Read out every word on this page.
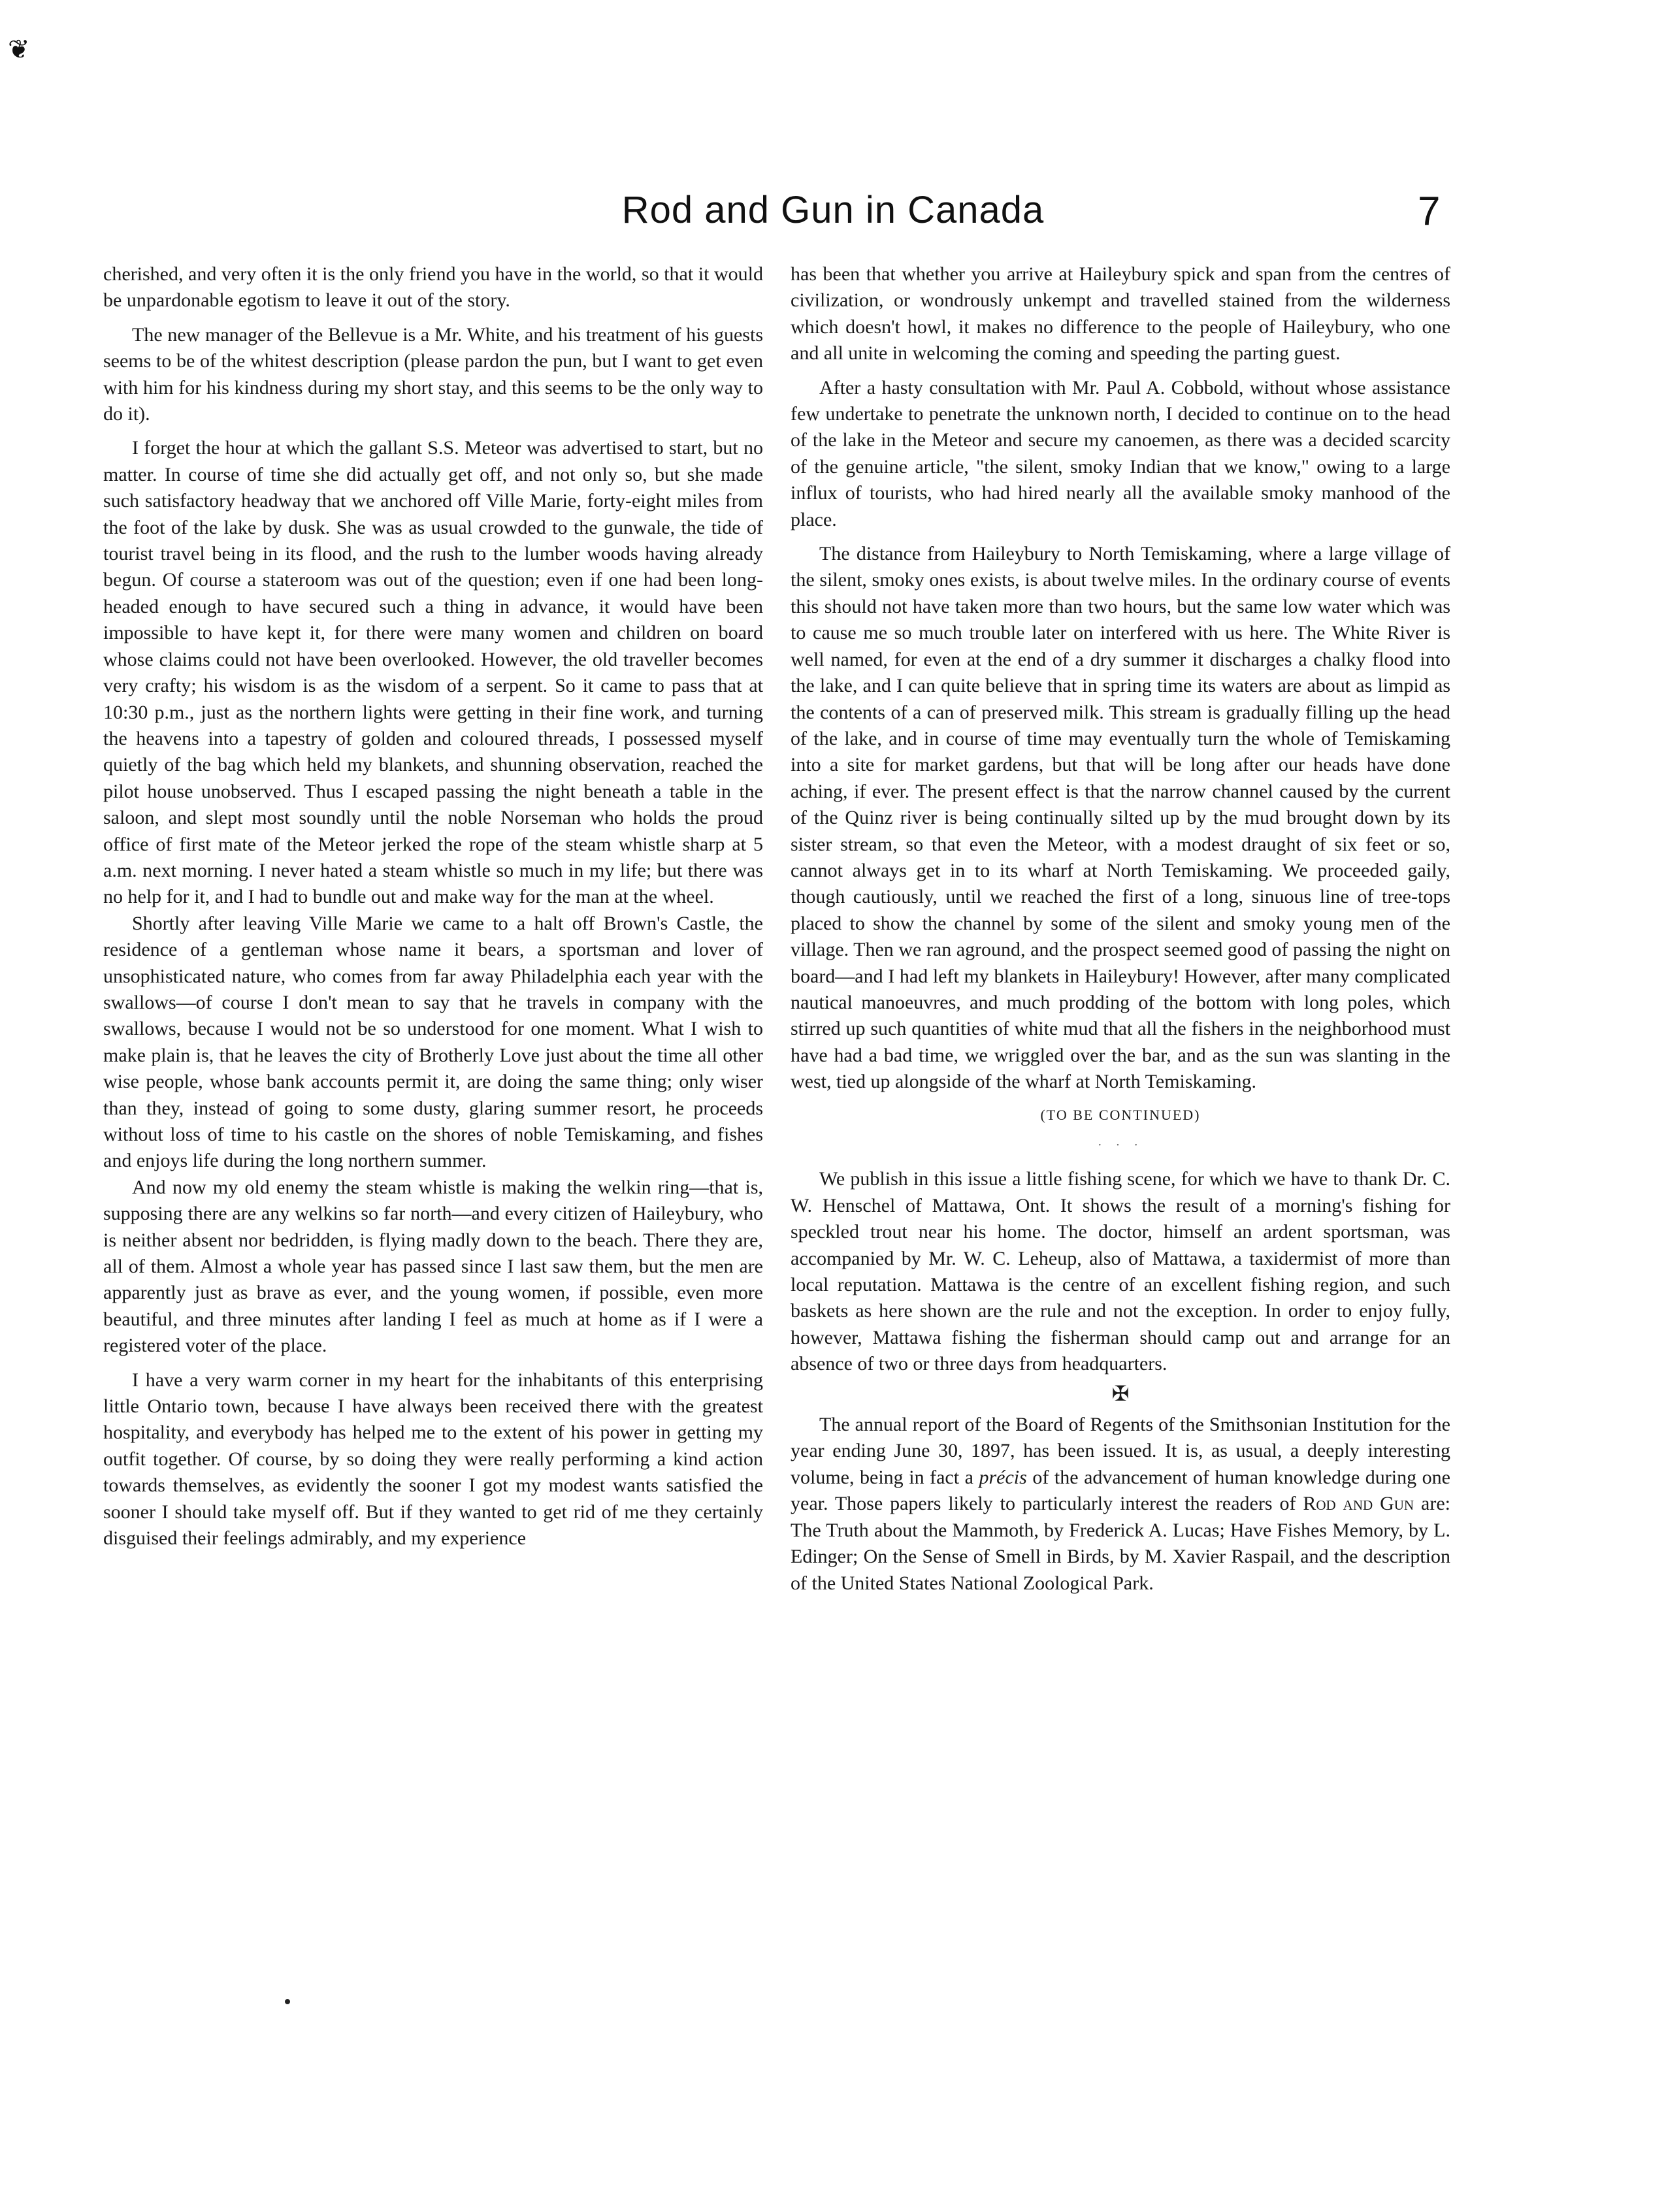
❦
Rod and Gun in Canada	7

cherished, and very often it is the only friend you have in the world, so that it would be unpardonable egotism to leave it out of the story.

The new manager of the Bellevue is a Mr. White, and his treatment of his guests seems to be of the whitest description (please pardon the pun, but I want to get even with him for his kindness during my short stay, and this seems to be the only way to do it).

I forget the hour at which the gallant S.S. Meteor was advertised to start, but no matter. In course of time she did actually get off, and not only so, but she made such satisfactory headway that we anchored off Ville Marie, forty-eight miles from the foot of the lake by dusk. She was as usual crowded to the gunwale, the tide of tourist travel being in its flood, and the rush to the lumber woods having already begun. Of course a stateroom was out of the question; even if one had been long-headed enough to have secured such a thing in advance, it would have been impossible to have kept it, for there were many women and children on board whose claims could not have been overlooked. However, the old traveller becomes very crafty; his wisdom is as the wisdom of a serpent. So it came to pass that at 10:30 p.m., just as the northern lights were getting in their fine work, and turning the heavens into a tapestry of golden and coloured threads, I possessed myself quietly of the bag which held my blankets, and shunning observation, reached the pilot house unobserved. Thus I escaped passing the night beneath a table in the saloon, and slept most soundly until the noble Norseman who holds the proud office of first mate of the Meteor jerked the rope of the steam whistle sharp at 5 a.m. next morning. I never hated a steam whistle so much in my life; but there was no help for it, and I had to bundle out and make way for the man at the wheel.

Shortly after leaving Ville Marie we came to a halt off Brown's Castle, the residence of a gentleman whose name it bears, a sportsman and lover of unsophisticated nature, who comes from far away Philadelphia each year with the swallows—of course I don't mean to say that he travels in company with the swallows, because I would not be so understood for one moment. What I wish to make plain is, that he leaves the city of Brotherly Love just about the time all other wise people, whose bank accounts permit it, are doing the same thing; only wiser than they, instead of going to some dusty, glaring summer resort, he proceeds without loss of time to his castle on the shores of noble Temiskaming, and fishes and enjoys life during the long northern summer.

And now my old enemy the steam whistle is making the welkin ring—that is, supposing there are any welkins so far north—and every citizen of Haileybury, who is neither absent nor bedridden, is flying madly down to the beach. There they are, all of them. Almost a whole year has passed since I last saw them, but the men are apparently just as brave as ever, and the young women, if possible, even more beautiful, and three minutes after landing I feel as much at home as if I were a registered voter of the place.

I have a very warm corner in my heart for the inhabitants of this enterprising little Ontario town, because I have always been received there with the greatest hospitality, and everybody has helped me to the extent of his power in getting my outfit together. Of course, by so doing they were really performing a kind action towards themselves, as evidently the sooner I got my modest wants satisfied the sooner I should take myself off. But if they wanted to get rid of me they certainly disguised their feelings admirably, and my experience

has been that whether you arrive at Haileybury spick and span from the centres of civilization, or wondrously unkempt and travelled stained from the wilderness which doesn't howl, it makes no difference to the people of Haileybury, who one and all unite in welcoming the coming and speeding the parting guest.

After a hasty consultation with Mr. Paul A. Cobbold, without whose assistance few undertake to penetrate the unknown north, I decided to continue on to the head of the lake in the Meteor and secure my canoemen, as there was a decided scarcity of the genuine article, "the silent, smoky Indian that we know," owing to a large influx of tourists, who had hired nearly all the available smoky manhood of the place.

The distance from Haileybury to North Temiskaming, where a large village of the silent, smoky ones exists, is about twelve miles. In the ordinary course of events this should not have taken more than two hours, but the same low water which was to cause me so much trouble later on interfered with us here. The White River is well named, for even at the end of a dry summer it discharges a chalky flood into the lake, and I can quite believe that in spring time its waters are about as limpid as the contents of a can of preserved milk. This stream is gradually filling up the head of the lake, and in course of time may eventually turn the whole of Temiskaming into a site for market gardens, but that will be long after our heads have done aching, if ever. The present effect is that the narrow channel caused by the current of the Quinz river is being continually silted up by the mud brought down by its sister stream, so that even the Meteor, with a modest draught of six feet or so, cannot always get in to its wharf at North Temiskaming. We proceeded gaily, though cautiously, until we reached the first of a long, sinuous line of tree-tops placed to show the channel by some of the silent and smoky young men of the village. Then we ran aground, and the prospect seemed good of passing the night on board—and I had left my blankets in Haileybury! However, after many complicated nautical manoeuvres, and much prodding of the bottom with long poles, which stirred up such quantities of white mud that all the fishers in the neighborhood must have had a bad time, we wriggled over the bar, and as the sun was slanting in the west, tied up alongside of the wharf at North Temiskaming.

(TO BE CONTINUED)
· · ·

We publish in this issue a little fishing scene, for which we have to thank Dr. C. W. Henschel of Mattawa, Ont. It shows the result of a morning's fishing for speckled trout near his home. The doctor, himself an ardent sportsman, was accompanied by Mr. W. C. Leheup, also of Mattawa, a taxidermist of more than local reputation. Mattawa is the centre of an excellent fishing region, and such baskets as here shown are the rule and not the exception. In order to enjoy fully, however, Mattawa fishing the fisherman should camp out and arrange for an absence of two or three days from headquarters.

✠

The annual report of the Board of Regents of the Smithsonian Institution for the year ending June 30, 1897, has been issued. It is, as usual, a deeply interesting volume, being in fact a précis of the advancement of human knowledge during one year. Those papers likely to particularly interest the readers of Rod and Gun are: The Truth about the Mammoth, by Frederick A. Lucas; Have Fishes Memory, by L. Edinger; On the Sense of Smell in Birds, by M. Xavier Raspail, and the description of the United States National Zoological Park.
